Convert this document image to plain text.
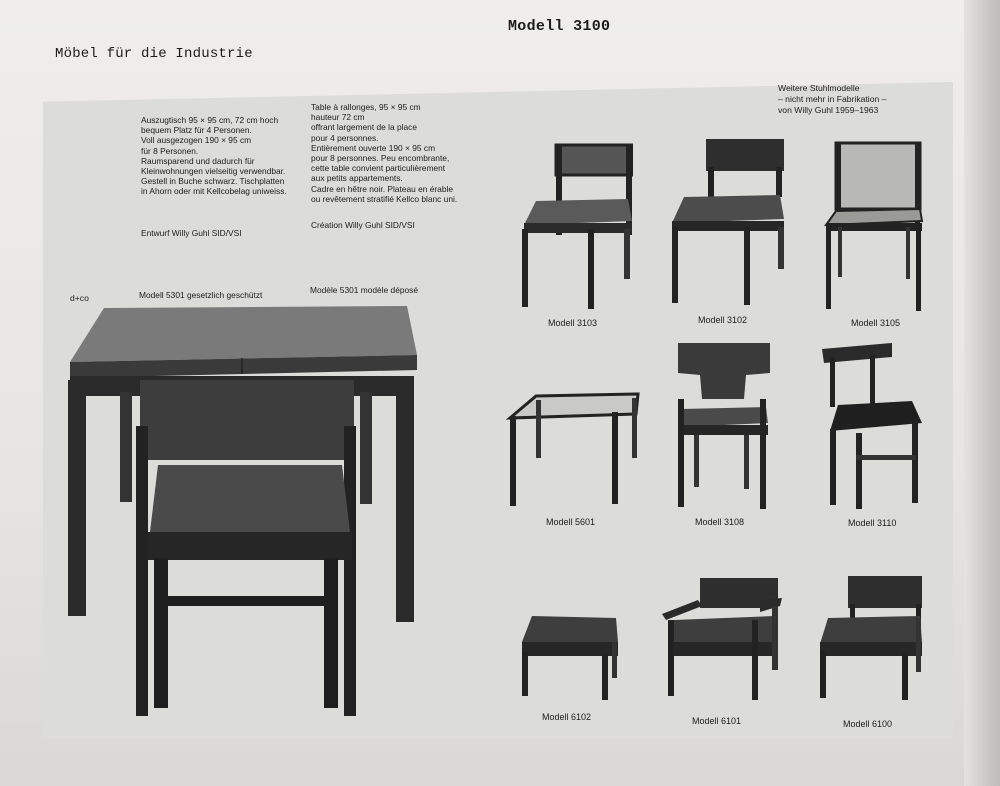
Modell 3100
Möbel für die Industrie
Auszugtisch 95 × 95 cm, 72 cm hoch
bequem Platz für 4 Personen.
Voll ausgezogen 190 × 95 cm
für 8 Personen.
Raumsparend und dadurch für
Kleinwohnungen vielseitig verwendbar.
Gestell in Buche schwarz. Tischplatten
in Ahorn oder mit Kellcobelag uniweiss.
Entwurf Willy Guhl SID/VSI
Table à rallonges, 95 × 95 cm
hauteur 72 cm
offrant largement de la place
pour 4 personnes.
Entièrement ouverte 190 × 95 cm
pour 8 personnes. Peu encombrante,
cette table convient particulièrement
aux petits appartements.
Cadre en hêtre noir. Plateau en érable
ou revêtement stratifié Kellco blanc uni.
Création Willy Guhl SID/VSI
Weitere Stuhlmodelle
– nicht mehr in Fabrikation –
von Willy Guhl 1959–1963
d+co	Modell 5301 gesetzlich geschützt	Modèle 5301 modèle déposé
Modell 3103	Modell 3102	Modell 3105
Modell 5601	Modell 3108	Modell 3110
Modell 6102	Modell 6101	Modell 6100
